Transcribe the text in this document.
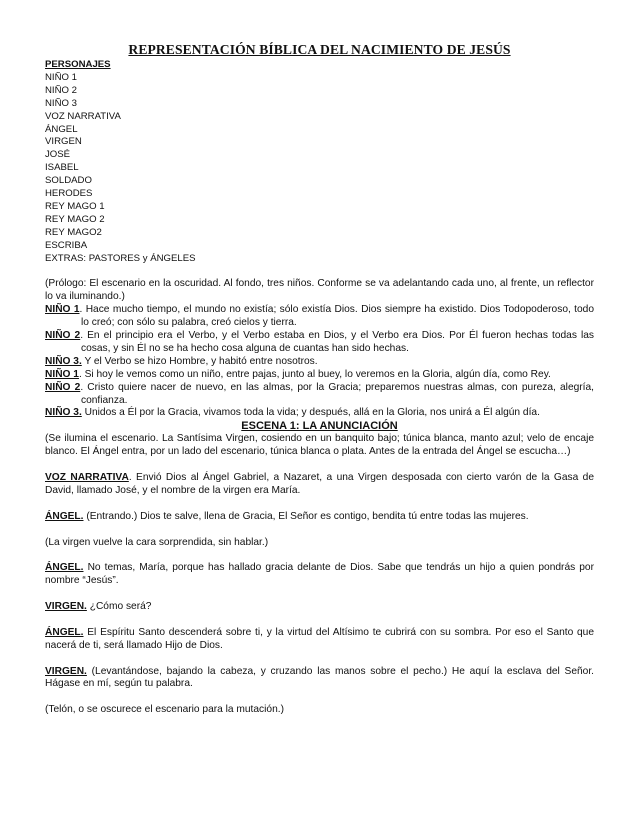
REPRESENTACIÓN BÍBLICA DEL NACIMIENTO DE JESÚS
PERSONAJES
NIÑO 1
NIÑO 2
NIÑO 3
VOZ NARRATIVA
ÁNGEL
VIRGEN
JOSÉ
ISABEL
SOLDADO
HERODES
REY MAGO 1
REY MAGO 2
REY MAGO2
ESCRIBA
EXTRAS: PASTORES y ÁNGELES

(Prólogo: El escenario en la oscuridad. Al fondo, tres niños. Conforme se va adelantando cada uno, al frente, un reflector lo va iluminando.)

NIÑO 1. Hace mucho tiempo, el mundo no existía; sólo existía Dios. Dios siempre ha existido. Dios Todopoderoso, todo lo creó; con sólo su palabra, creó cielos y tierra.

NIÑO 2. En el principio era el Verbo, y el Verbo estaba en Dios, y el Verbo era Dios. Por Él fueron hechas todas las cosas, y sin Él no se ha hecho cosa alguna de cuantas han sido hechas.

NIÑO 3. Y el Verbo se hizo Hombre, y habitó entre nosotros.

NIÑO 1. Si hoy le vemos como un niño, entre pajas, junto al buey, lo veremos en la Gloria, algún día, como Rey.

NIÑO 2. Cristo quiere nacer de nuevo, en las almas, por la Gracia; preparemos nuestras almas, con pureza, alegría, confianza.

NIÑO 3. Unidos a Él por la Gracia, vivamos toda la vida; y después, allá en la Gloria, nos unirá a Él algún día.

ESCENA 1: LA ANUNCIACIÓN

(Se ilumina el escenario. La Santísima Virgen, cosiendo en un banquito bajo; túnica blanca, manto azul; velo de encaje blanco. El Ángel entra, por un lado del escenario, túnica blanca o plata. Antes de la entrada del Ángel se escucha…)

VOZ NARRATIVA. Envió Dios al Ángel Gabriel, a Nazaret, a una Virgen desposada con cierto varón de la Gasa de David, llamado José, y el nombre de la virgen era María.

ÁNGEL. (Entrando.) Dios te salve, llena de Gracia, El Señor es contigo, bendita tú entre todas las mujeres.

(La virgen vuelve la cara sorprendida, sin hablar.)

ÁNGEL. No temas, María, porque has hallado gracia delante de Dios. Sabe que tendrás un hijo a quien pondrás por nombre “Jesús”.

VIRGEN. ¿Cómo será?

ÁNGEL. El Espíritu Santo descenderá sobre ti, y la virtud del Altísimo te cubrirá con su sombra. Por eso el Santo que nacerá de ti, será llamado Hijo de Dios.

VIRGEN. (Levantándose, bajando la cabeza, y cruzando las manos sobre el pecho.) He aquí la esclava del Señor. Hágase en mí, según tu palabra.

(Telón, o se oscurece el escenario para la mutación.)
